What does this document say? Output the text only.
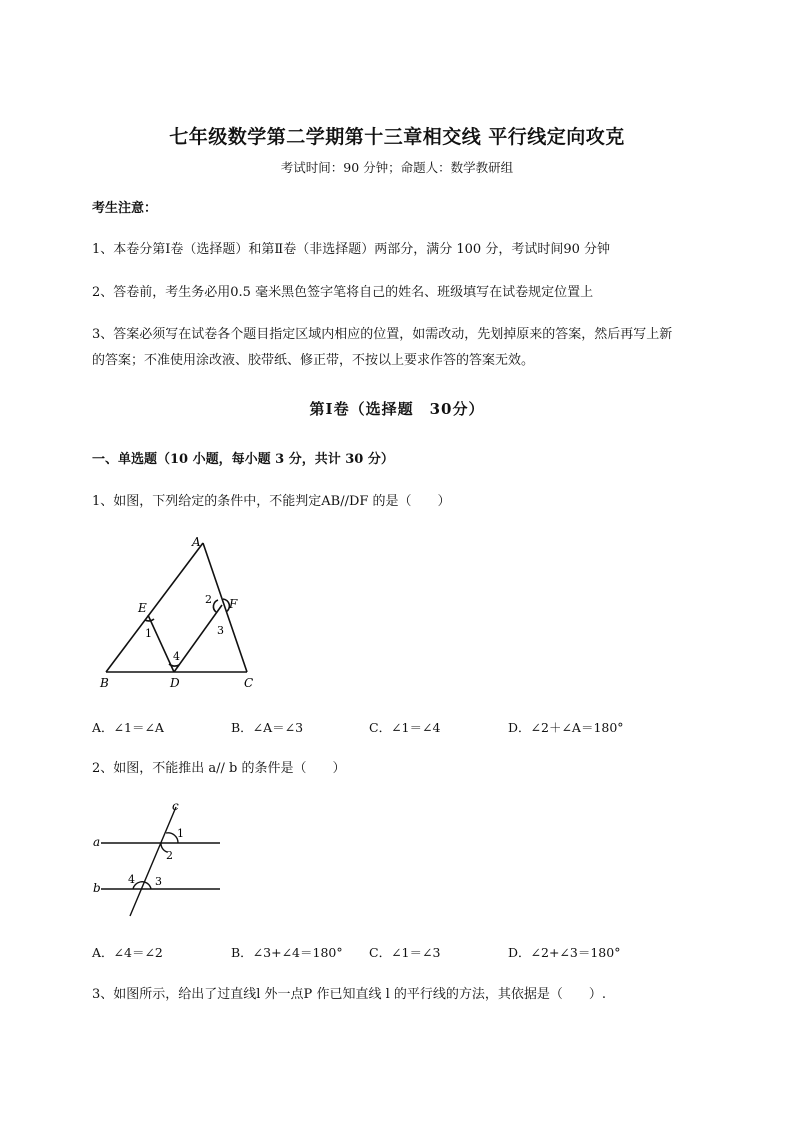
七年级数学第二学期第十三章相交线 平行线定向攻克
考试时间：90 分钟；命题人：数学教研组
考生注意：
1、本卷分第Ⅰ卷（选择题）和第Ⅱ卷（非选择题）两部分，满分 100 分，考试时间90 分钟
2、答卷前，考生务必用0.5 毫米黑色签字笔将自己的姓名、班级填写在试卷规定位置上
3、答案必须写在试卷各个题目指定区域内相应的位置，如需改动，先划掉原来的答案，然后再写上新
的答案；不准使用涂改液、胶带纸、修正带，不按以上要求作答的答案无效。
第Ⅰ卷（选择题　30分）
一、单选题（10 小题，每小题 3 分，共计 30 分）
1、如图，下列给定的条件中，不能判定AB//DF 的是（　　）
A
B	C
D
E	F
1
2
3
4
A．∠1＝∠A	B．∠A＝∠3	C．∠1＝∠4	D．∠2＋∠A＝180°
2、如图，不能推出 a// b 的条件是（　　）
c
a
b
1
2
3
4
A．∠4＝∠2	B．∠3+∠4＝180° C．∠1＝∠3	D．∠2+∠3＝180°
3、如图所示，给出了过直线l 外一点P 作已知直线 l 的平行线的方法，其依据是（　　）.
